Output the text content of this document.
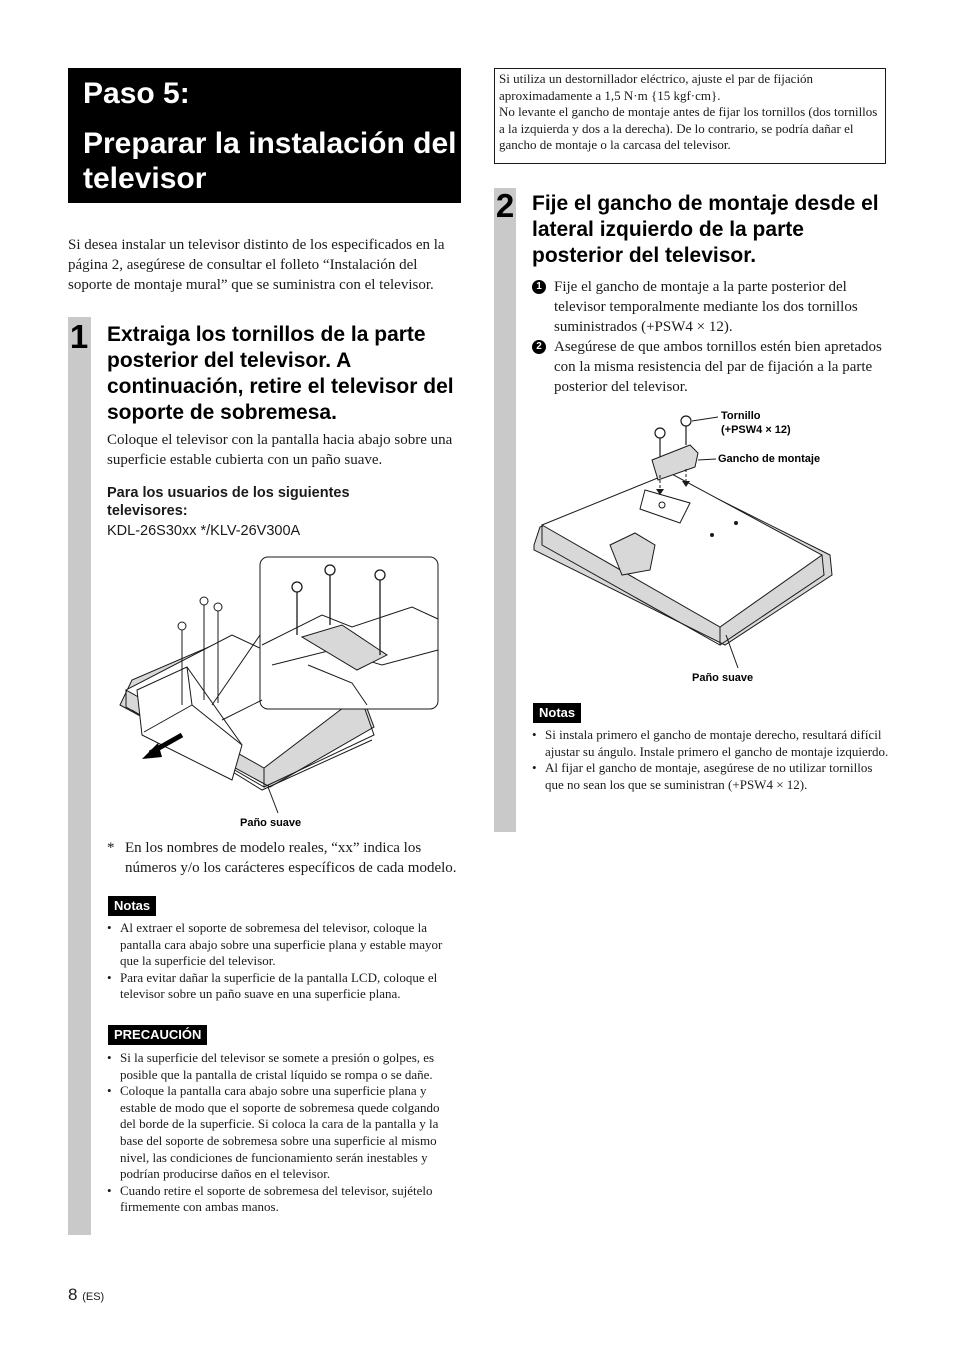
Paso 5:
Preparar la instalación del televisor
Si desea instalar un televisor distinto de los especificados en la página 2, asegúrese de consultar el folleto “Instalación del soporte de montaje mural” que se suministra con el televisor.
1 Extraiga los tornillos de la parte posterior del televisor. A continuación, retire el televisor del soporte de sobremesa.
Coloque el televisor con la pantalla hacia abajo sobre una superficie estable cubierta con un paño suave.
Para los usuarios de los siguientes televisores:
KDL-26S30xx */KLV-26V300A
Paño suave
* En los nombres de modelo reales, “xx” indica los números y/o los carácteres específicos de cada modelo.
Notas
• Al extraer el soporte de sobremesa del televisor, coloque la pantalla cara abajo sobre una superficie plana y estable mayor que la superficie del televisor.
• Para evitar dañar la superficie de la pantalla LCD, coloque el televisor sobre un paño suave en una superficie plana.
PRECAUCIÓN
• Si la superficie del televisor se somete a presión o golpes, es posible que la pantalla de cristal líquido se rompa o se dañe.
• Coloque la pantalla cara abajo sobre una superficie plana y estable de modo que el soporte de sobremesa quede colgando del borde de la superficie. Si coloca la cara de la pantalla y la base del soporte de sobremesa sobre una superficie al mismo nivel, las condiciones de funcionamiento serán inestables y podrían producirse daños en el televisor.
• Cuando retire el soporte de sobremesa del televisor, sujételo firmemente con ambas manos.
Si utiliza un destornillador eléctrico, ajuste el par de fijación aproximadamente a 1,5 N·m {15 kgf·cm}.
No levante el gancho de montaje antes de fijar los tornillos (dos tornillos a la izquierda y dos a la derecha). De lo contrario, se podría dañar el gancho de montaje o la carcasa del televisor.
2 Fije el gancho de montaje desde el lateral izquierdo de la parte posterior del televisor.
1 Fije el gancho de montaje a la parte posterior del televisor temporalmente mediante los dos tornillos suministrados (+PSW4 × 12).
2 Asegúrese de que ambos tornillos estén bien apretados con la misma resistencia del par de fijación a la parte posterior del televisor.
Tornillo
(+PSW4 × 12)
Gancho de montaje
Paño suave
Notas
• Si instala primero el gancho de montaje derecho, resultará difícil ajustar su ángulo. Instale primero el gancho de montaje izquierdo.
• Al fijar el gancho de montaje, asegúrese de no utilizar tornillos que no sean los que se suministran (+PSW4 × 12).
8 (ES)
